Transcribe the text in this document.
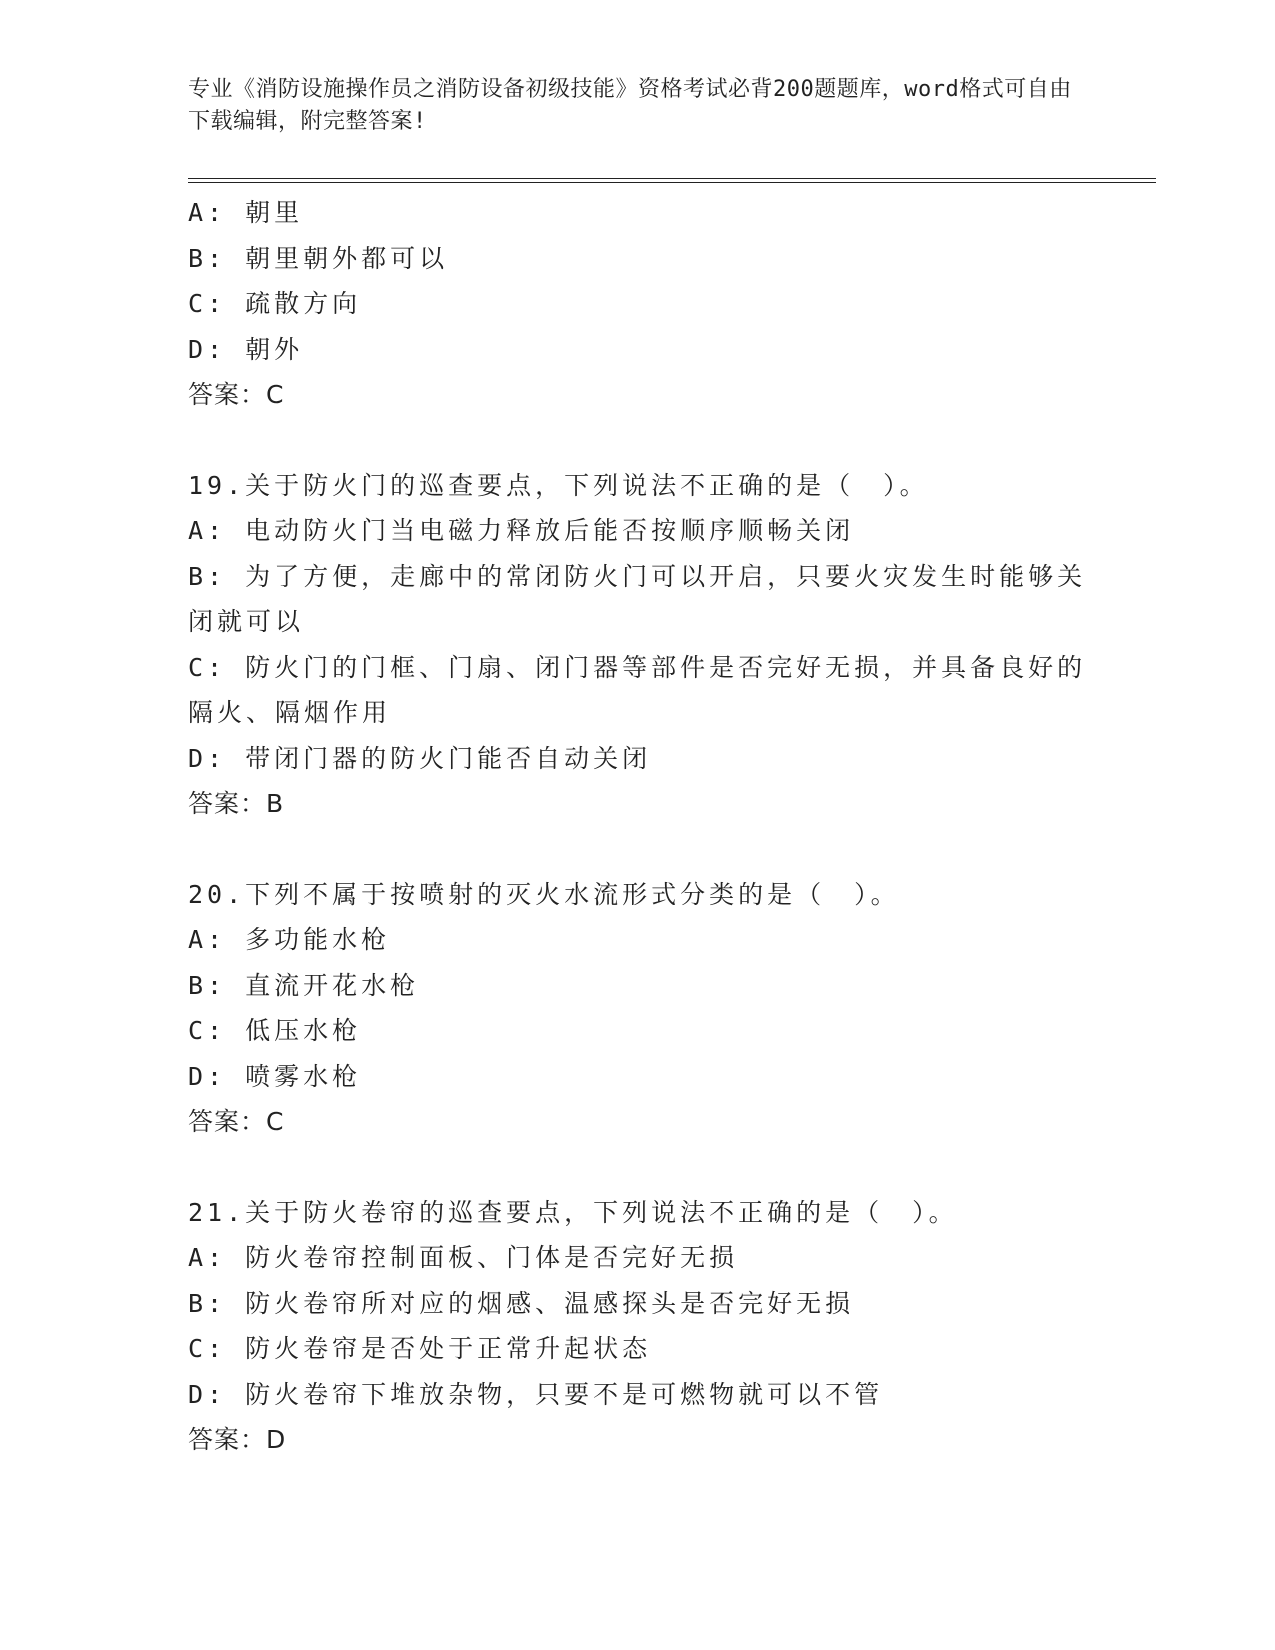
专业《消防设施操作员之消防设备初级技能》资格考试必背200题题库，word格式可自由下载编辑，附完整答案!
A: 朝里
B: 朝里朝外都可以
C: 疏散方向
D: 朝外
答案：C
19.关于防火门的巡查要点，下列说法不正确的是（　）。
A: 电动防火门当电磁力释放后能否按顺序顺畅关闭
B: 为了方便，走廊中的常闭防火门可以开启，只要火灾发生时能够关闭就可以
C: 防火门的门框、门扇、闭门器等部件是否完好无损，并具备良好的隔火、隔烟作用
D: 带闭门器的防火门能否自动关闭
答案：B
20.下列不属于按喷射的灭火水流形式分类的是（　）。
A: 多功能水枪
B: 直流开花水枪
C: 低压水枪
D: 喷雾水枪
答案：C
21.关于防火卷帘的巡查要点，下列说法不正确的是（　）。
A: 防火卷帘控制面板、门体是否完好无损
B: 防火卷帘所对应的烟感、温感探头是否完好无损
C: 防火卷帘是否处于正常升起状态
D: 防火卷帘下堆放杂物，只要不是可燃物就可以不管
答案：D
